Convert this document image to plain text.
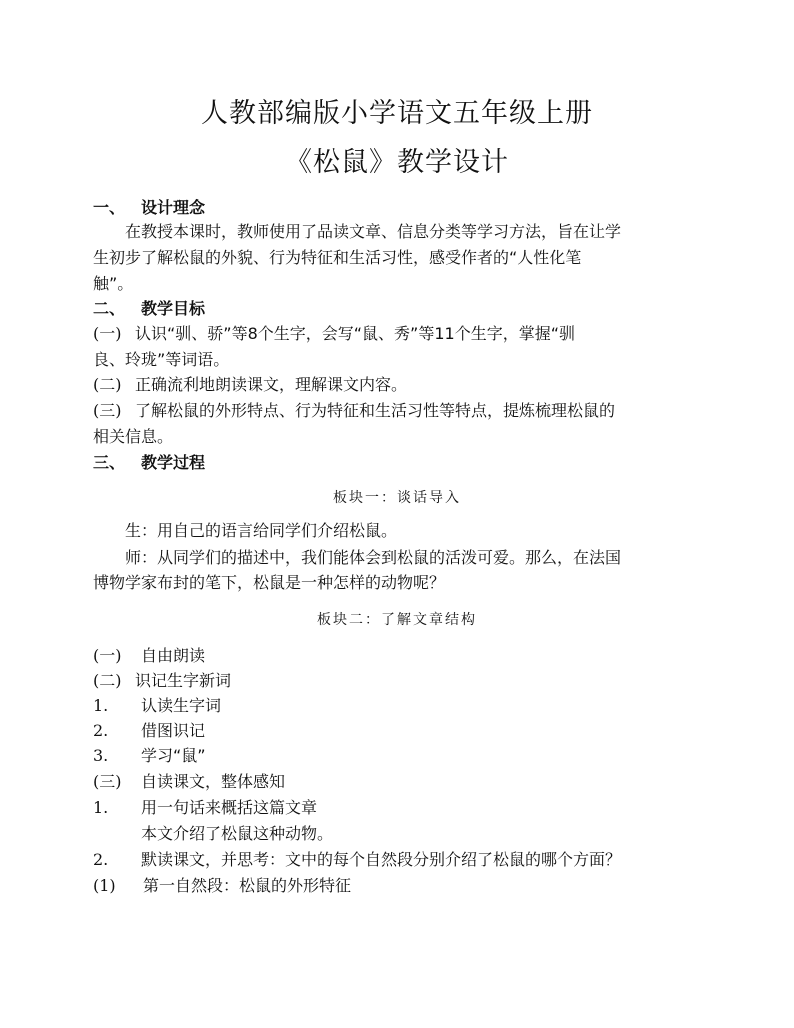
人教部编版小学语文五年级上册
《松鼠》教学设计
一、 设计理念
在教授本课时，教师使用了品读文章、信息分类等学习方法，旨在让学
生初步了解松鼠的外貌、行为特征和生活习性，感受作者的“人性化笔
触”。
二、 教学目标
(一) 认识“驯、骄”等8个生字，会写“鼠、秀”等11个生字，掌握“驯
良、玲珑”等词语。
(二) 正确流利地朗读课文，理解课文内容。
(三) 了解松鼠的外形特点、行为特征和生活习性等特点，提炼梳理松鼠的
相关信息。
三、 教学过程
板块一：谈话导入
生：用自己的语言给同学们介绍松鼠。
师：从同学们的描述中，我们能体会到松鼠的活泼可爱。那么，在法国
博物学家布封的笔下，松鼠是一种怎样的动物呢？
板块二：了解文章结构
(一) 自由朗读
(二) 识记生字新词
1. 认读生字词
2. 借图识记
3. 学习“鼠”
(三) 自读课文，整体感知
1. 用一句话来概括这篇文章
本文介绍了松鼠这种动物。
2. 默读课文，并思考：文中的每个自然段分别介绍了松鼠的哪个方面？
(1) 第一自然段：松鼠的外形特征
